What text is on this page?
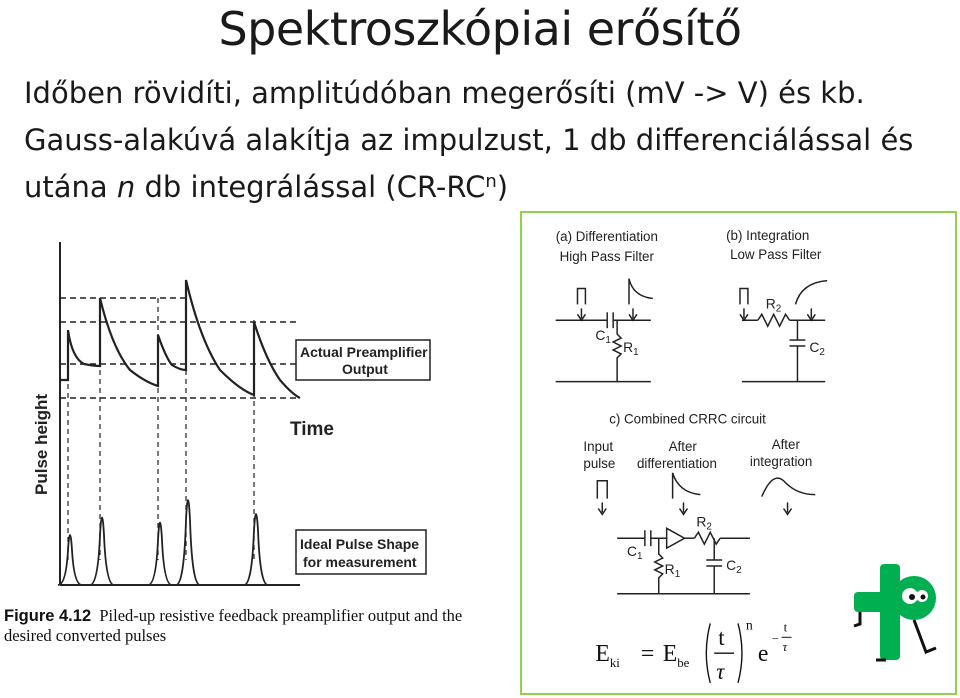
Spektroszkópiai erősítő
Időben rövidíti, amplitúdóban megerősíti (mV -> V) és kb. Gauss-alakúvá alakítja az impulzust, 1 db differenciálással és utána n db integrálással $(CR-RC^n)$
Pulse height	Time
Actual Preamplifier
Output
Ideal Pulse Shape
for measurement
Figure 4.12 Piled-up resistive feedback preamplifier output and the desired converted pulses
(a) Differentiation
High Pass Filter
(b) Integration
Low Pass Filter
$C_1$ $R_1$
$R_2$
$C_2$
c) Combined CRRC circuit
Input
pulse
After
differentiation
After
integration
$C_1$
$R_1$
$R_2$
$C_2$
$E_{ki} = E_{be}$
t
τ
n
e
−
t
τ
